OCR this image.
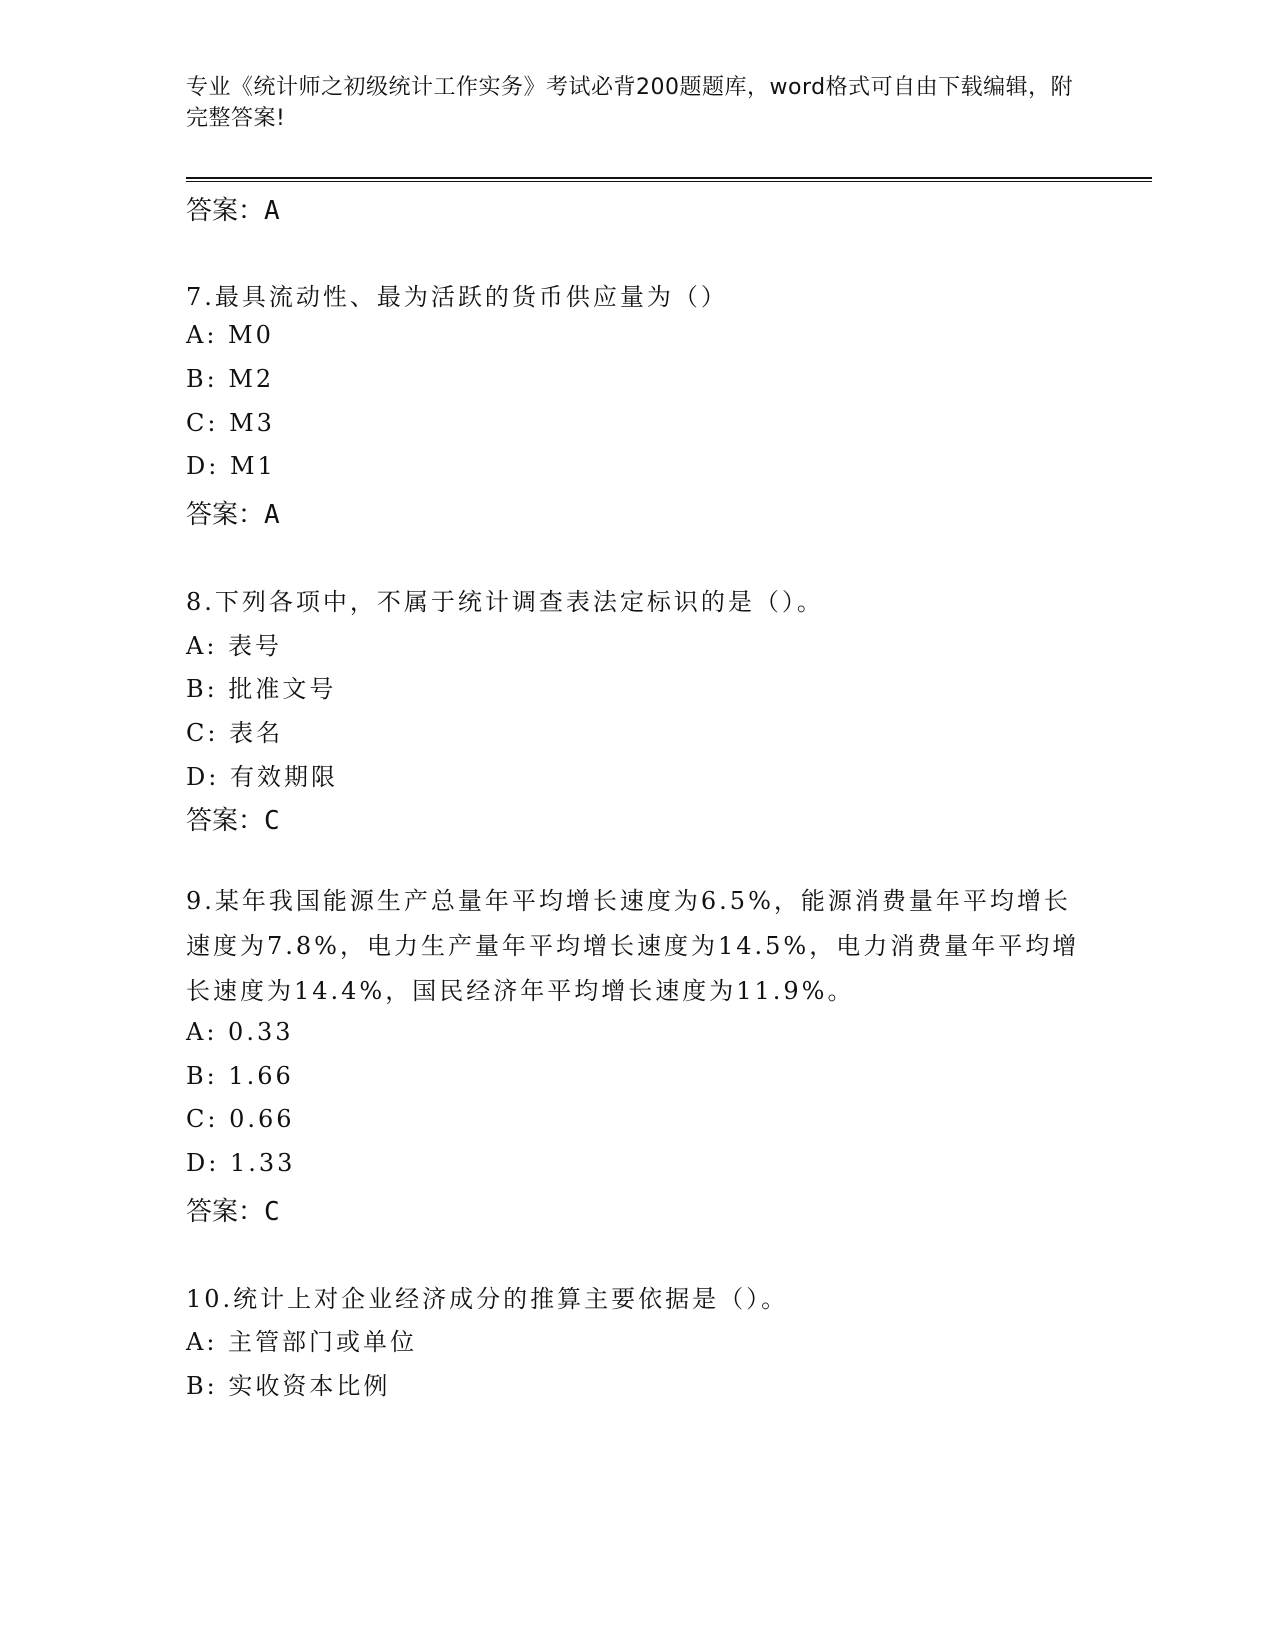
专业《统计师之初级统计工作实务》考试必背200题题库，word格式可自由下载编辑，附完整答案!
答案：A
7.最具流动性、最为活跃的货币供应量为（）
A: M0
B: M2
C: M3
D: M1
答案：A
8.下列各项中，不属于统计调查表法定标识的是（）。
A: 表号
B: 批准文号
C: 表名
D: 有效期限
答案：C
9.某年我国能源生产总量年平均增长速度为6.5%，能源消费量年平均增长速度为7.8%，电力生产量年平均增长速度为14.5%，电力消费量年平均增长速度为14.4%，国民经济年平均增长速度为11.9%。
A: 0.33
B: 1.66
C: 0.66
D: 1.33
答案：C
10.统计上对企业经济成分的推算主要依据是（）。
A: 主管部门或单位
B: 实收资本比例
